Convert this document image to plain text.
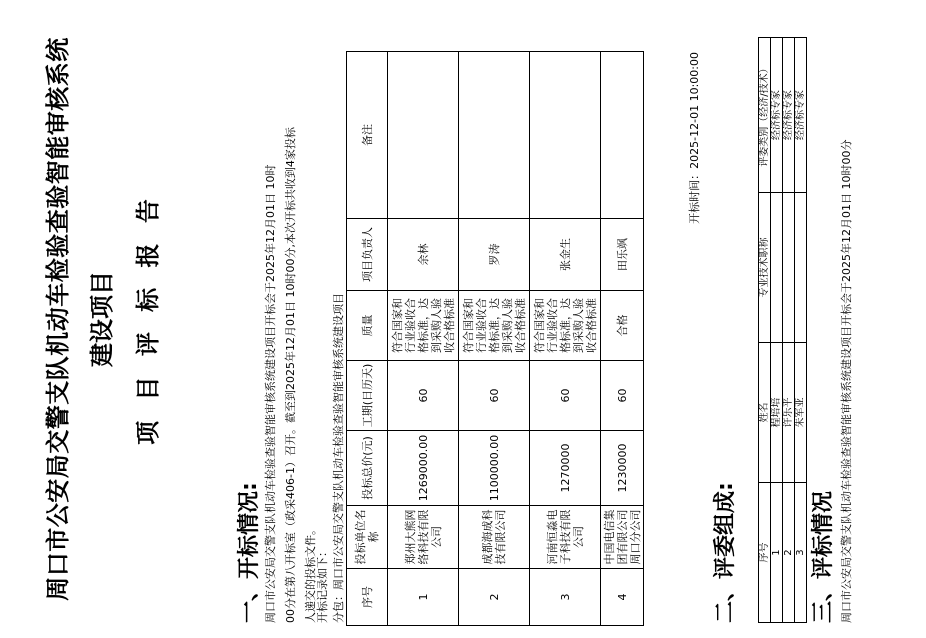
周口市公安局交警支队机动车检验查验智能审核系统 建设项目 项 目 评 标 报 告
一、开标情况: 周口市公安局交警支队机动车检验查验智能审核系统建设项目开标会于2025年12月01日 10时 00分在第八开标室（政采406-1）召开。截至到2025年12月01日 10时00分,本次开标共收到4家投标 人递交的投标文件。 开标记录如下： 分包：周口市公安局交警支队机动车检验查验智能审核系统建设项目 序号	投标单位名称	投标总价(元)	工期(日历天)	质量	项目负责人	备注
1	郑州大熊网络科技有限公司	1269000.00	60	符合国家和行业验收合格标准，达到采购人验收合格标准	余林	
2	成都海成科技有限公司	1100000.00	60	符合国家和行业验收合格标准，达到采购人验收合格标准	罗涛	
3	河南恒淼电子科技有限公司	1270000	60	符合国家和行业验收合格标准，达到采购人验收合格标准	张金生	
4	中国电信集团有限公司周口分公司	1230000	60	合格	田乐飒	
开标时间：2025-12-01 10:00:00
二、评委组成: 序号	姓名	专业技术职称	评委类别（经济/技术）
1	程培培		经济标专家
2	许乐平		经济标专家
3	朱军亚		经济标专家
三、评标情况 周口市公安局交警支队机动车检验查验智能审核系统建设项目开标会于2025年12月01日 10时00分
